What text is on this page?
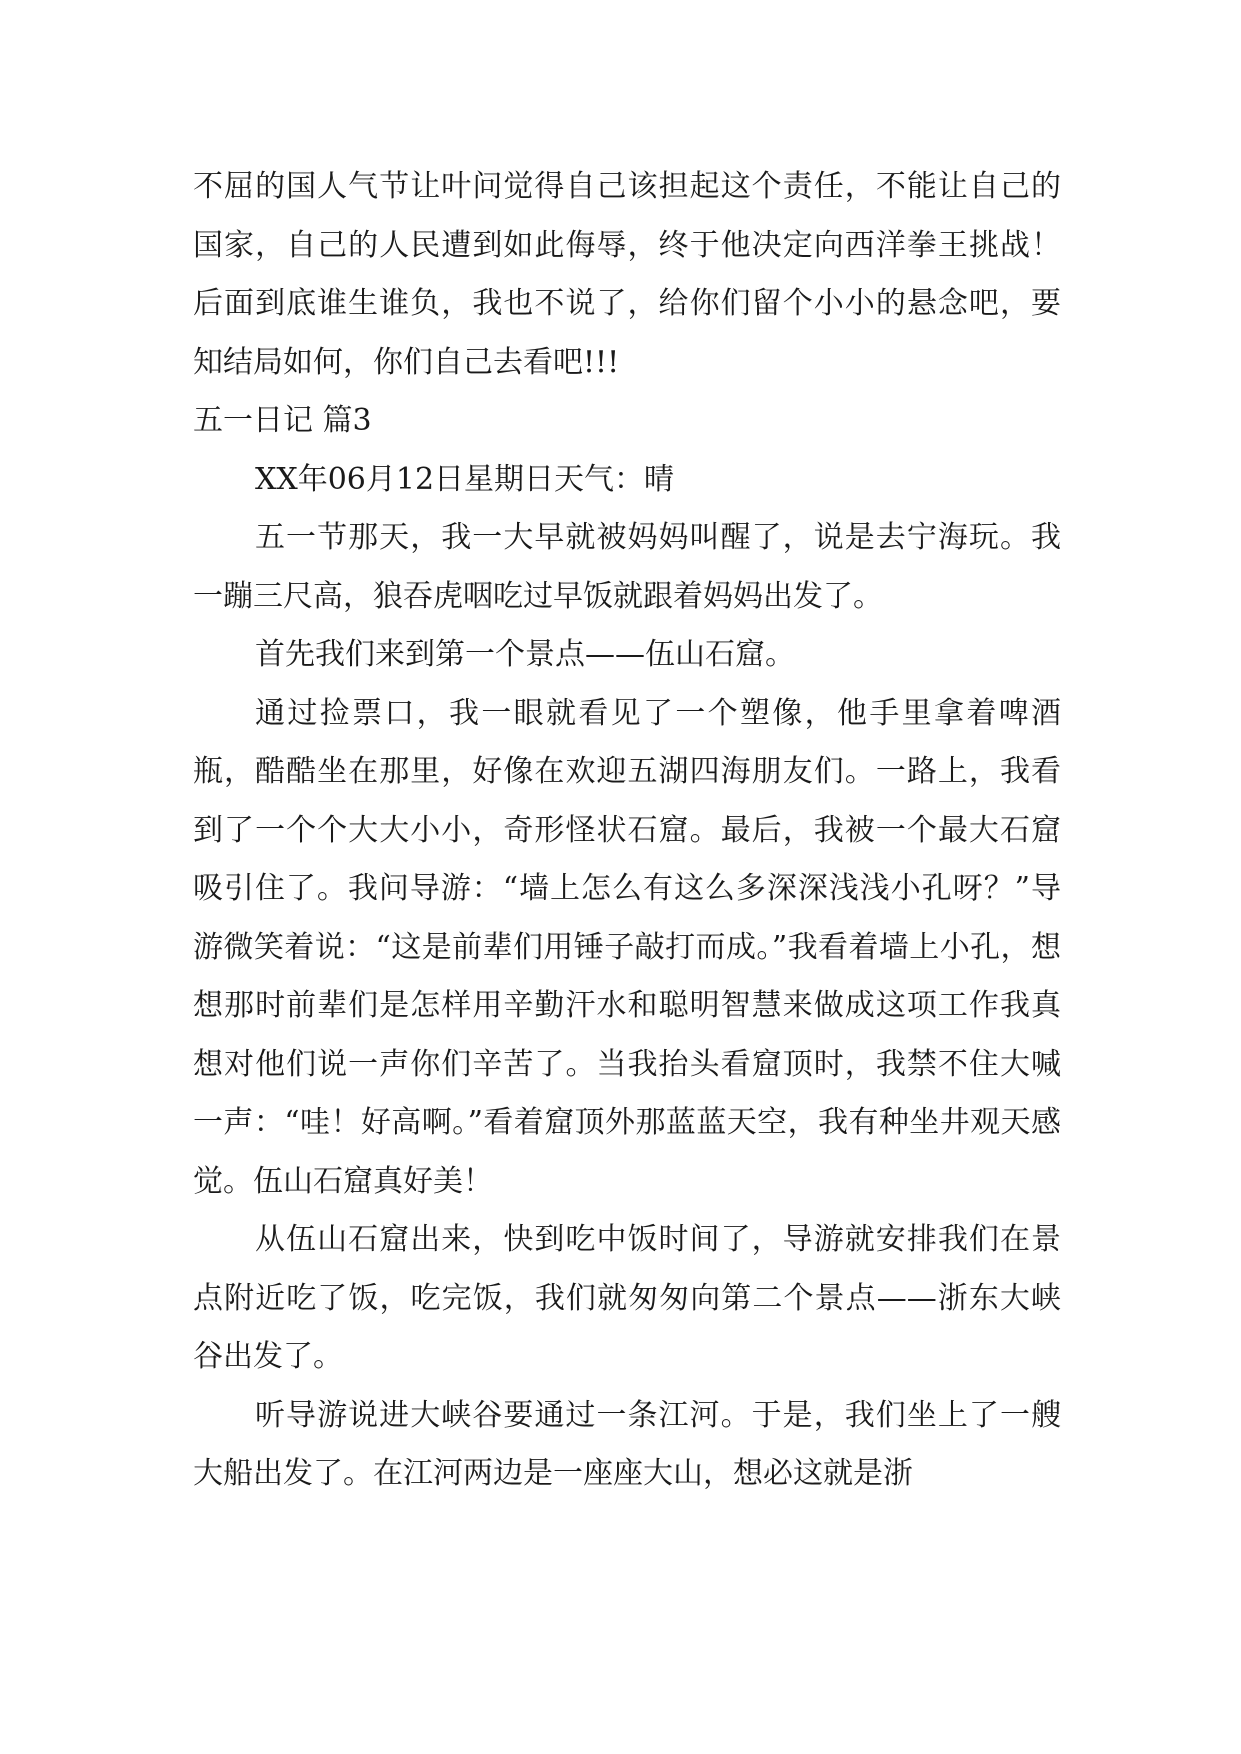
不屈的国人气节让叶问觉得自己该担起这个责任，不能让自己的国家，自己的人民遭到如此侮辱，终于他决定向西洋拳王挑战！后面到底谁生谁负，我也不说了，给你们留个小小的悬念吧，要知结局如何，你们自己去看吧!!!

五一日记 篇3

XX年06月12日星期日天气：晴

五一节那天，我一大早就被妈妈叫醒了，说是去宁海玩。我一蹦三尺高，狼吞虎咽吃过早饭就跟着妈妈出发了。

首先我们来到第一个景点——伍山石窟。

通过捡票口，我一眼就看见了一个塑像，他手里拿着啤酒瓶，酷酷坐在那里，好像在欢迎五湖四海朋友们。一路上，我看到了一个个大大小小，奇形怪状石窟。最后，我被一个最大石窟吸引住了。我问导游：“墙上怎么有这么多深深浅浅小孔呀？”导游微笑着说：“这是前辈们用锤子敲打而成。”我看着墙上小孔，想想那时前辈们是怎样用辛勤汗水和聪明智慧来做成这项工作我真想对他们说一声你们辛苦了。当我抬头看窟顶时，我禁不住大喊一声：“哇！好高啊。”看着窟顶外那蓝蓝天空，我有种坐井观天感觉。伍山石窟真好美！

从伍山石窟出来，快到吃中饭时间了，导游就安排我们在景点附近吃了饭，吃完饭，我们就匆匆向第二个景点——浙东大峡谷出发了。

听导游说进大峡谷要通过一条江河。于是，我们坐上了一艘大船出发了。在江河两边是一座座大山，想必这就是浙
